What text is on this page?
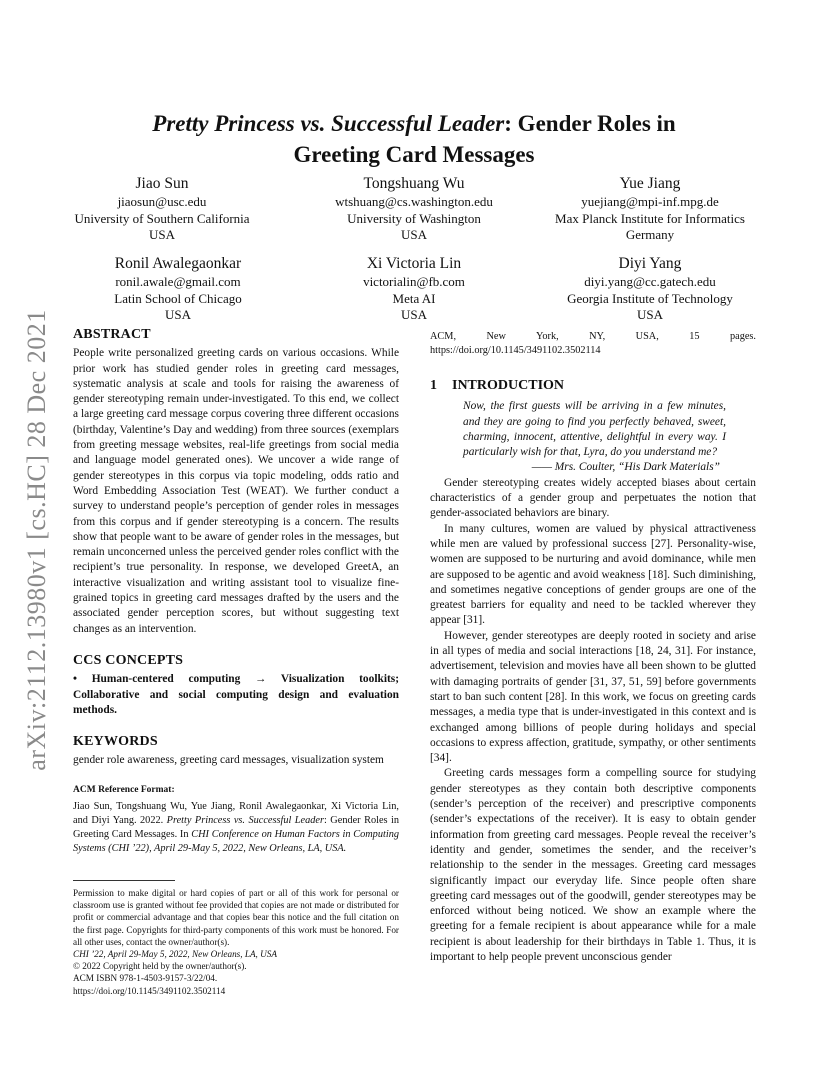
arXiv:2112.13980v1 [cs.HC] 28 Dec 2021
Pretty Princess vs. Successful Leader: Gender Roles in
Greeting Card Messages
Jiao Sun
jiaosun@usc.edu
University of Southern California
USA
Tongshuang Wu
wtshuang@cs.washington.edu
University of Washington
USA
Yue Jiang
yuejiang@mpi-inf.mpg.de
Max Planck Institute for Informatics
Germany
Ronil Awalegaonkar
ronil.awale@gmail.com
Latin School of Chicago
USA
Xi Victoria Lin
victorialin@fb.com
Meta AI
USA
Diyi Yang
diyi.yang@cc.gatech.edu
Georgia Institute of Technology
USA
ABSTRACT

People write personalized greeting cards on various occasions. While prior work has studied gender roles in greeting card messages, systematic analysis at scale and tools for raising the awareness of gender stereotyping remain under-investigated. To this end, we collect a large greeting card message corpus covering three different occasions (birthday, Valentine’s Day and wedding) from three sources (exemplars from greeting message websites, real-life greetings from social media and language model generated ones). We uncover a wide range of gender stereotypes in this corpus via topic modeling, odds ratio and Word Embedding Association Test (WEAT). We further conduct a survey to understand people’s perception of gender roles in messages from this corpus and if gender stereotyping is a concern. The results show that people want to be aware of gender roles in the messages, but remain unconcerned unless the perceived gender roles conflict with the recipient’s true personality. In response, we developed GreetA, an interactive visualization and writing assistant tool to visualize fine-grained topics in greeting card messages drafted by the users and the associated gender perception scores, but without suggesting text changes as an intervention.

CCS CONCEPTS

• Human-centered computing → Visualization toolkits; Collaborative and social computing design and evaluation methods.

KEYWORDS

gender role awareness, greeting card messages, visualization system

ACM Reference Format:

Jiao Sun, Tongshuang Wu, Yue Jiang, Ronil Awalegaonkar, Xi Victoria Lin, and Diyi Yang. 2022. Pretty Princess vs. Successful Leader: Gender Roles in Greeting Card Messages. In CHI Conference on Human Factors in Computing Systems (CHI ’22), April 29-May 5, 2022, New Orleans, LA, USA.

Permission to make digital or hard copies of part or all of this work for personal or classroom use is granted without fee provided that copies are not made or distributed for profit or commercial advantage and that copies bear this notice and the full citation on the first page. Copyrights for third-party components of this work must be honored. For all other uses, contact the owner/author(s).

CHI ’22, April 29-May 5, 2022, New Orleans, LA, USA

© 2022 Copyright held by the owner/author(s).

ACM ISBN 978-1-4503-9157-3/22/04.

https://doi.org/10.1145/3491102.3502114

ACM, New York, NY, USA, 15 pages. https://doi.org/10.1145/3491102.3502114

1 INTRODUCTION

Now, the first guests will be arriving in a few minutes, and they are going to find you perfectly behaved, sweet, charming, innocent, attentive, delightful in every way. I particularly wish for that, Lyra, do you understand me?

—— Mrs. Coulter, “His Dark Materials”

Gender stereotyping creates widely accepted biases about certain characteristics of a gender group and perpetuates the notion that gender-associated behaviors are binary.

In many cultures, women are valued by physical attractiveness while men are valued by professional success [27]. Personality-wise, women are supposed to be nurturing and avoid dominance, while men are supposed to be agentic and avoid weakness [18]. Such diminishing, and sometimes negative conceptions of gender groups are one of the greatest barriers for equality and need to be tackled wherever they appear [31].

However, gender stereotypes are deeply rooted in society and arise in all types of media and social interactions [18, 24, 31]. For instance, advertisement, television and movies have all been shown to be glutted with damaging portraits of gender [31, 37, 51, 59] before governments start to ban such content [28]. In this work, we focus on greeting cards messages, a media type that is under-investigated in this context and is exchanged among billions of people during holidays and special occasions to express affection, gratitude, sympathy, or other sentiments [34].

Greeting cards messages form a compelling source for studying gender stereotypes as they contain both descriptive components (sender’s perception of the receiver) and prescriptive components (sender’s expectations of the receiver). It is easy to obtain gender information from greeting card messages. People reveal the receiver’s identity and gender, sometimes the sender, and the receiver’s relationship to the sender in the messages. Greeting card messages significantly impact our everyday life. Since people often share greeting card messages out of the goodwill, gender stereotypes may be enforced without being noticed. We show an example where the greeting for a female recipient is about appearance while for a male recipient is about leadership for their birthdays in Table 1. Thus, it is important to help people prevent unconscious gender
